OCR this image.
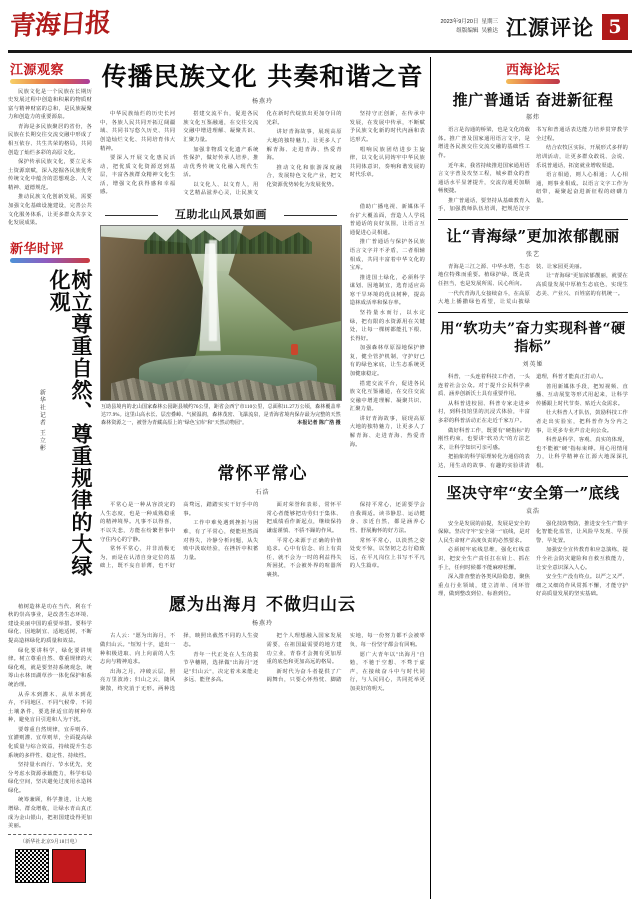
青海日报	2023年9月20日 星期三
组版编辑 吴雅达 江源评论 5
江源观察

民族文化是一个民族在长期历史发展过程中创造和积累的物质财富与精神财富的总和，是民族凝聚力和创造力的重要源泉。

青海是多民族聚居的省份，各民族在长期交往交流交融中形成了相互依存、共生共荣的格局，共同创造了灿烂多彩的高原文化。

保护传承民族文化，要立足本土资源禀赋，深入挖掘各民族优秀传统文化中蕴含的思想观念、人文精神、道德规范。

推动民族文化创新发展，需要加强文化基础设施建设，完善公共文化服务体系，让更多群众共享文化发展成果。

新华时评
树立尊重自然、尊重规律的大绿化观
新华社记者 王立彬

植树造林是功在当代、利在千秋的崇高事业，是改善生态环境、建设美丽中国的重要举措。要科学绿化、因地制宜、适地适树，不断提高造林绿化的质量和效益。

绿化要讲科学，绿化要讲规律。树立尊重自然、尊重规律的大绿化观，就是要坚持系统观念，统筹山水林田湖草沙一体化保护和系统治理。

从乔木到灌木、从草本到花卉，不同地区、不同气候带、不同土壤条件，要选择适宜的树种草种，避免盲目引进和人为干扰。

要尊重自然规律，宜乔则乔、宜灌则灌、宜草则草，全面提高绿化质量与综合效益，持续提升生态系统的多样性、稳定性、持续性。

坚持量水而行、节水优先，充分考虑水资源承载能力，科学布局绿化空间，坚决避免过度用水造林绿化。

统筹兼顾，科学推进，让大地增绿、群众增收，让绿水青山真正成为金山银山，把祖国建设得更加美丽。

（新华社北京9月18日电）
传播民族文化 共奏和谐之音
杨燕玲

中华民族灿烂的历史长河中，各族人民共同开拓辽阔疆域、共同书写悠久历史、共同创造灿烂文化、共同培育伟大精神。

要深入开展文化惠民活动，把优质文化资源送到基层，丰富各族群众精神文化生活，增强文化获得感和幸福感。

搭建交流平台，促进各民族文化互鉴融通，在交往交流交融中增进理解、凝聚共识、汇聚力量。

加强非物质文化遗产系统性保护，做好传承人培养，推动优秀传统文化融入现代生活。

以文化人、以文育人，用文艺精品滋养心灵，让民族文化在新时代绽放出更加夺目的光彩。

讲好青海故事，展现高原大地的独特魅力，让更多人了解青海、走进青海、热爱青海。

推动文化和旅游深度融合，发展特色文化产业，把文化资源优势转化为发展优势。

坚持守正创新，在传承中发展，在发展中传承，不断赋予民族文化新的时代内涵和表达形式。

唱响民族团结进步主旋律，以文化认同铸牢中华民族共同体意识，奏响和谐发展的时代乐章。

互助北山风景如画
互助县境内的北山国家森林公园距县城约76公里，距省会西宁市110公里，总面积11.27万公顷，森林覆盖率达77.9%。这里山高水长、层峦叠嶂、气候温润，森林茂密、飞瀑流泉，是青海省境内保存最为完整的天然森林资源之一，被誉为青藏高原上的"绿色宝库"和"天然动物园"。	本报记者 陈广浩 摄

借助广播电视、新媒体平台扩大覆盖面，营造人人学说普通话的良好氛围，让语言互通促进心灵相通。

推广普通话与保护各民族语言文字并不矛盾，二者相辅相成，共同丰富着中华文化的宝库。

推进国土绿化，必须科学谋划、因地制宜，选育适应高寒干旱环境的优良树种，提高造林成活率和保存率。

坚持量水而行，以水定绿，把有限的水资源用在关键处，让每一棵树都能扎下根、长得好。

加强森林草原湿地保护修复，健全管护机制，守护好已有的绿色家底，让生态系统更加健康稳定。

搭建交流平台，促进各民族文化互鉴融通，在交往交流交融中增进理解、凝聚共识、汇聚力量。

讲好青海故事，展现高原大地的独特魅力，让更多人了解青海、走进青海、热爱青海。

常怀平常心
石浩

平常心是一种从容淡定的人生态度，也是一种成熟稳重的精神境界。凡事不以得喜，不以失悲，方能在纷繁世事中守住内心的宁静。

常怀平常心，并非消极无为，而是在认清自身定位的基础上，既不妄自菲薄，也不好高骛远，踏踏实实干好手中的事。

工作中难免遇到挫折与困难，有了平常心，便能坦然面对得失，冷静分析问题，从失败中汲取经验，在挫折中积蓄力量。

面对荣誉和表彰，常怀平常心者能够把功劳归于集体、把成绩看作新起点，继续保持谦虚谨慎、不骄不躁的作风。

平常心来源于正确的价值追求。心中有信念、肩上有责任，就不会为一时的利益得失所困扰，不会被外界的喧嚣所裹挟。

保持平常心，还需要学会自我调适。读书静思、运动健身、亲近自然，都是涵养心性、舒展胸怀的好方法。

常怀平常心，以淡然之姿处变不惊，以坚韧之志行稳致远，在平凡岗位上书写不平凡的人生篇章。

愿为出海月 不做归山云
杨燕玲

古人云："愿为出海月，不做归山云。"短短十字，道出一种积极进取、向上向前的人生志向与精神追求。

出海之月，冲破云层，照亮万里波涛；归山之云，随风聚散，终究消于无形。两种选择，映照出截然不同的人生姿态。

青年一代正处在人生的拔节孕穗期，选择做"出海月"还是"归山云"，决定着未来能走多远、能登多高。

把个人理想融入国家发展需要，在祖国最需要的地方建功立业，青春才会拥有更加厚重的底色和更加高远的格局。

新时代为奋斗者提供了广阔舞台，只要心怀热忱、脚踏实地，每一份努力都不会被辜负，每一份坚守都会有回响。

愿广大青年以"出海月"自勉，不驰于空想、不骛于虚声，在接续奋斗中与时代同行，与人民同心，共同托举更加美好的明天。

西海论坛
推广普通话 奋进新征程
郝炜

语言是沟通的桥梁，也是文化的载体。推广普及国家通用语言文字，是增进各民族交往交流交融的基础性工作。

近年来，我省持续推进国家通用语言文字普及攻坚工程，城乡群众的普通话水平显著提升，交流沟通更加顺畅便捷。

推广普通话，要坚持从基础教育入手，加强教师队伍培训，把规范汉字书写和普通话表达能力培养贯穿教学全过程。

结合农牧区实际，开展形式多样的培训活动，让更多群众敢说、会说、乐说普通话，拓宽就业增收渠道。

语言相通，则人心相通；人心相通，则事业相成。以语言文字工作为纽带，凝聚起奋进新征程的磅礴力量。

让“青海绿”更加浓郁靓丽
张艺

青海是三江之源、中华水塔，生态地位特殊而重要。植绿护绿，既是责任担当，也是发展所需、民心所向。

一代代青海儿女接续奋斗，在高原大地上播撒绿色希望，让荒山披绿装、让家园更美丽。

让"青海绿"更加浓郁靓丽，就要在高质量发展中厚植生态底色，实现生态美、产业兴、百姓富的有机统一。

用“软功夫”奋力实现科普“硬指标”
刘英姬

科普，一头连着科技工作者，一头连着社会公众。对于提升公民科学素质、涵养创新沃土具有重要作用。

从科普进校园、科普专家走进乡村，到科技馆里的沉浸式体验，丰富多彩的科普活动正在走近千家万户。

做好科普工作，既要有"硬指标"的刚性约束，也要讲"软功夫"的方法艺术，让科学知识可亲可感。

把抽象的科学原理转化为通俗的表达，用生动的故事、有趣的实验讲清道理，科普才能真正打动人。

善用新媒体手段，把短视频、直播、互动展览等形式用起来，让科学传播跟上时代节奏、贴近大众需求。

壮大科普人才队伍，鼓励科技工作者走出实验室，把科普作为分内之事，让更多专业声音走向公众。

科普是科学、客观、真实的体现，也不能被"硬"指标束缚。用心用情用力，让科学精神在江源大地深深扎根。

坚决守牢“安全第一”底线
袁浩

安全是发展的前提，发展是安全的保障。坚决守牢"安全第一"底线，是对人民生命财产高度负责的必然要求。

必须树牢底线思维，强化红线意识，把安全生产责任扛在肩上、抓在手上，任何时候都不能麻痹松懈。

深入排查整治各类风险隐患，聚焦重点行业领域，建立清单、闭环管理，做到整改到位、标准到位。

强化技防物防，推进安全生产数字化智能化监管，让风险早发现、早预警、早处置。

加强安全宣传教育和应急演练，提升全社会防灾避险和自救互救能力，让安全意识深入人心。

安全生产没有终点。以严之又严、细之又细的作风常抓不懈，才能守护好高质量发展的坚实基础。
